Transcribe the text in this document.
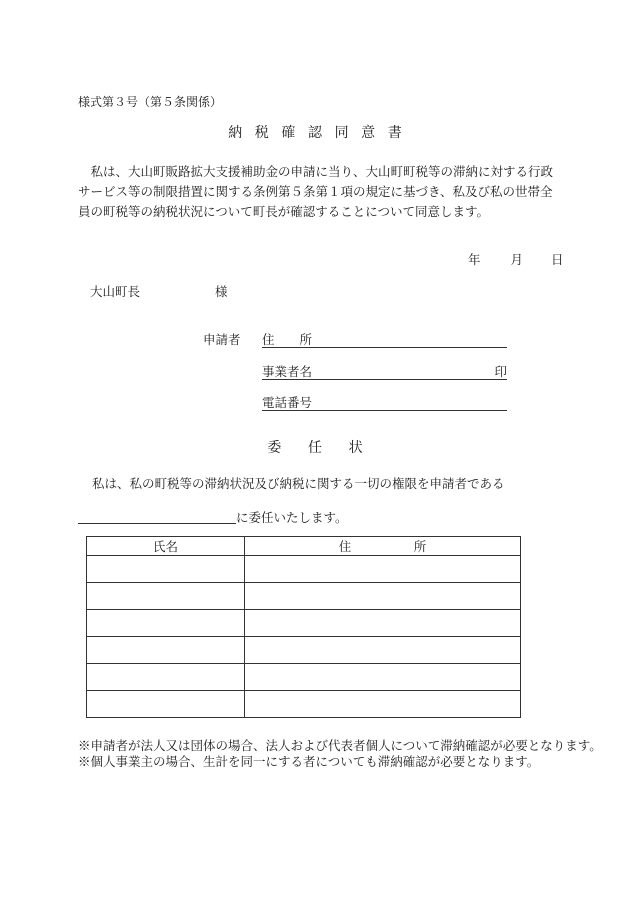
様式第３号（第５条関係）
納税確認同意書
私は、大山町販路拡大支援補助金の申請に当り、大山町町税等の滞納に対する行政サービス等の制限措置に関する条例第５条第１項の規定に基づき、私及び私の世帯全員の町税等の納税状況について町長が確認することについて同意します。
年 月 日
大山町長	様
申請者 住　　所
事業者名	印
電話番号
委任状
私は、私の町税等の滞納状況及び納税に関する一切の権限を申請者である
に委任いたします。
氏名	住　　　　　所

※申請者が法人又は団体の場合、法人および代表者個人について滞納確認が必要となります。
※個人事業主の場合、生計を同一にする者についても滞納確認が必要となります。
